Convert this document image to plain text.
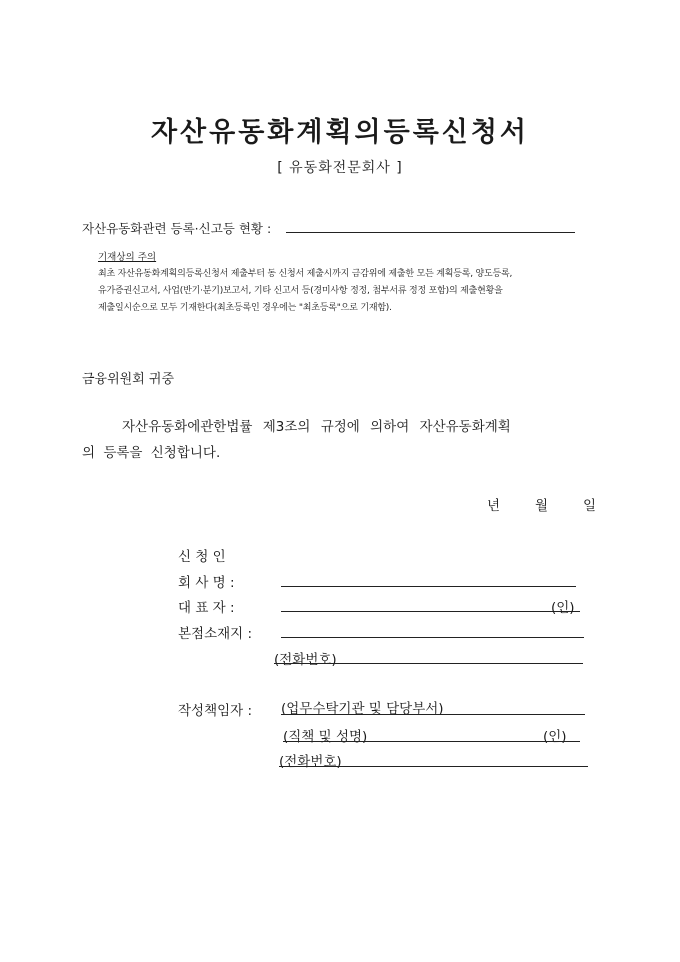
자산유동화계획의등록신청서
[ 유동화전문회사 ]
자산유동화관련 등록·신고등 현황 :
기재상의 주의
최초 자산유동화계획의등록신청서 제출부터 동 신청서 제출시까지 금감위에 제출한 모든 계획등록, 양도등록,
유가증권신고서, 사업(반기·분기)보고서, 기타 신고서 등(경미사항 정정, 첨부서류 정정 포함)의 제출현황을
제출일시순으로 모두 기재한다(최초등록인 경우에는 "최초등록"으로 기재함).
금융위원회 귀중
자산유동화에관한법률 제3조의 규정에 의하여 자산유동화계획
의 등록을 신청합니다.
년	월	일
신 청 인
회 사 명 :
대 표 자 :	(인)
본점소재지 :
(전화번호)
작성책임자 : (업무수탁기관 및 담당부서)
(직책 및 성명)	(인)
(전화번호)
